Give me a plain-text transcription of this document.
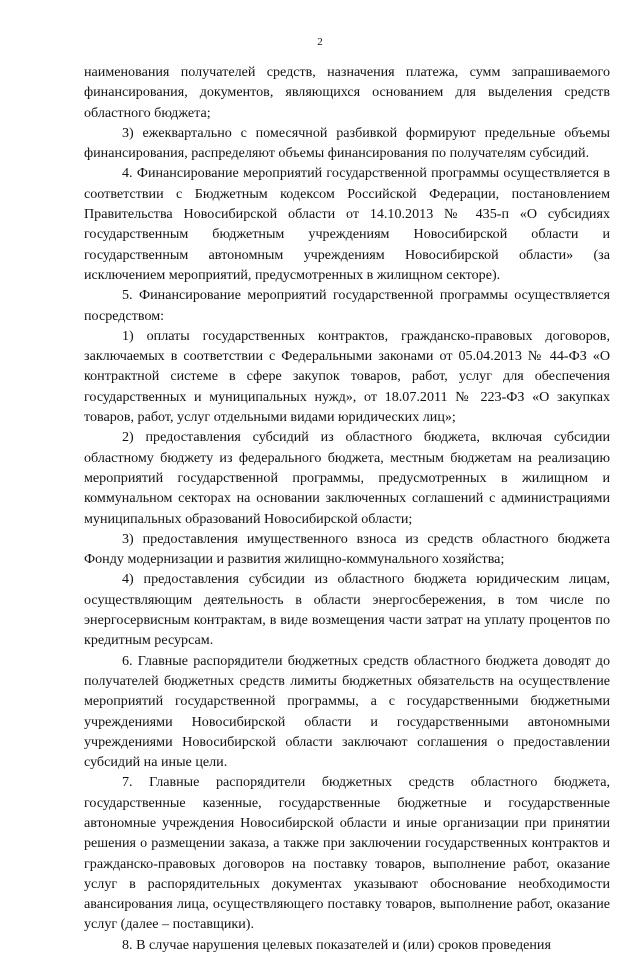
2

наименования получателей средств, назначения платежа, сумм запрашиваемого финансирования, документов, являющихся основанием для выделения средств областного бюджета;

3) ежеквартально с помесячной разбивкой формируют предельные объемы финансирования, распределяют объемы финансирования по получателям субсидий.

4. Финансирование мероприятий государственной программы осуществляется в соответствии с Бюджетным кодексом Российской Федерации, постановлением Правительства Новосибирской области от 14.10.2013 № 435-п «О субсидиях государственным бюджетным учреждениям Новосибирской области и государственным автономным учреждениям Новосибирской области» (за исключением мероприятий, предусмотренных в жилищном секторе).

5. Финансирование мероприятий государственной программы осуществляется посредством:

1) оплаты государственных контрактов, гражданско-правовых договоров, заключаемых в соответствии с Федеральными законами от 05.04.2013 № 44-ФЗ «О контрактной системе в сфере закупок товаров, работ, услуг для обеспечения государственных и муниципальных нужд», от 18.07.2011 № 223-ФЗ «О закупках товаров, работ, услуг отдельными видами юридических лиц»;

2) предоставления субсидий из областного бюджета, включая субсидии областному бюджету из федерального бюджета, местным бюджетам на реализацию мероприятий государственной программы, предусмотренных в жилищном и коммунальном секторах на основании заключенных соглашений с администрациями муниципальных образований Новосибирской области;

3) предоставления имущественного взноса из средств областного бюджета Фонду модернизации и развития жилищно-коммунального хозяйства;

4) предоставления субсидии из областного бюджета юридическим лицам, осуществляющим деятельность в области энергосбережения, в том числе по энергосервисным контрактам, в виде возмещения части затрат на уплату процентов по кредитным ресурсам.

6. Главные распорядители бюджетных средств областного бюджета доводят до получателей бюджетных средств лимиты бюджетных обязательств на осуществление мероприятий государственной программы, а с государственными бюджетными учреждениями Новосибирской области и государственными автономными учреждениями Новосибирской области заключают соглашения о предоставлении субсидий на иные цели.

7. Главные распорядители бюджетных средств областного бюджета, государственные казенные, государственные бюджетные и государственные автономные учреждения Новосибирской области и иные организации при принятии решения о размещении заказа, а также при заключении государственных контрактов и гражданско-правовых договоров на поставку товаров, выполнение работ, оказание услуг в распорядительных документах указывают обоснование необходимости авансирования лица, осуществляющего поставку товаров, выполнение работ, оказание услуг (далее – поставщики).

8. В случае нарушения целевых показателей и (или) сроков проведения
